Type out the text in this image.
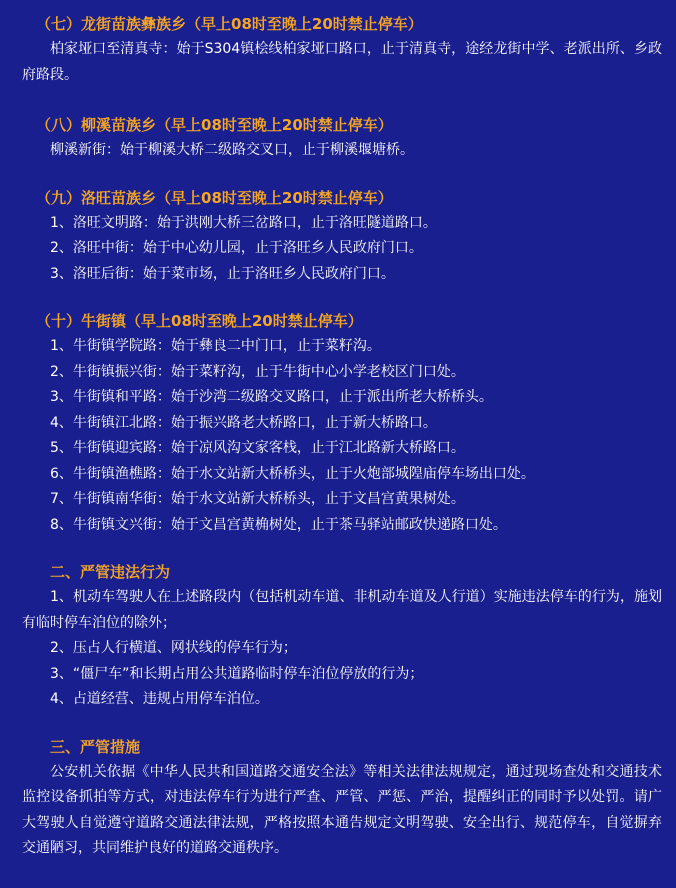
（七）龙街苗族彝族乡（早上08时至晚上20时禁止停车）

柏家垭口至清真寺：始于S304镇桧线柏家垭口路口，止于清真寺，途经龙街中学、老派出所、乡政府路段。

（八）柳溪苗族乡（早上08时至晚上20时禁止停车）

柳溪新街：始于柳溪大桥二级路交叉口，止于柳溪堰塘桥。

（九）洛旺苗族乡（早上08时至晚上20时禁止停车）

1、洛旺文明路：始于洪刚大桥三岔路口，止于洛旺隧道路口。

2、洛旺中街：始于中心幼儿园，止于洛旺乡人民政府门口。

3、洛旺后街：始于菜市场，止于洛旺乡人民政府门口。

（十）牛街镇（早上08时至晚上20时禁止停车）

1、牛街镇学院路：始于彝良二中门口，止于菜籽沟。

2、牛街镇振兴街：始于菜籽沟，止于牛街中心小学老校区门口处。

3、牛街镇和平路：始于沙湾二级路交叉路口，止于派出所老大桥桥头。

4、牛街镇江北路：始于振兴路老大桥路口，止于新大桥路口。

5、牛街镇迎宾路：始于凉风沟文家客栈，止于江北路新大桥路口。

6、牛街镇渔樵路：始于水文站新大桥桥头，止于火炮部城隍庙停车场出口处。

7、牛街镇南华街：始于水文站新大桥桥头，止于文昌宫黄果树处。

8、牛街镇文兴街：始于文昌宫黄桷树处，止于茶马驿站邮政快递路口处。

二、严管违法行为

1、机动车驾驶人在上述路段内（包括机动车道、非机动车道及人行道）实施违法停车的行为，施划有临时停车泊位的除外；

2、压占人行横道、网状线的停车行为；

3、“僵尸车”和长期占用公共道路临时停车泊位停放的行为；

4、占道经营、违规占用停车泊位。

三、严管措施

公安机关依据《中华人民共和国道路交通安全法》等相关法律法规规定，通过现场查处和交通技术监控设备抓拍等方式，对违法停车行为进行严查、严管、严惩、严治，提醒纠正的同时予以处罚。请广大驾驶人自觉遵守道路交通法律法规，严格按照本通告规定文明驾驶、安全出行、规范停车，自觉摒弃交通陋习，共同维护良好的道路交通秩序。
